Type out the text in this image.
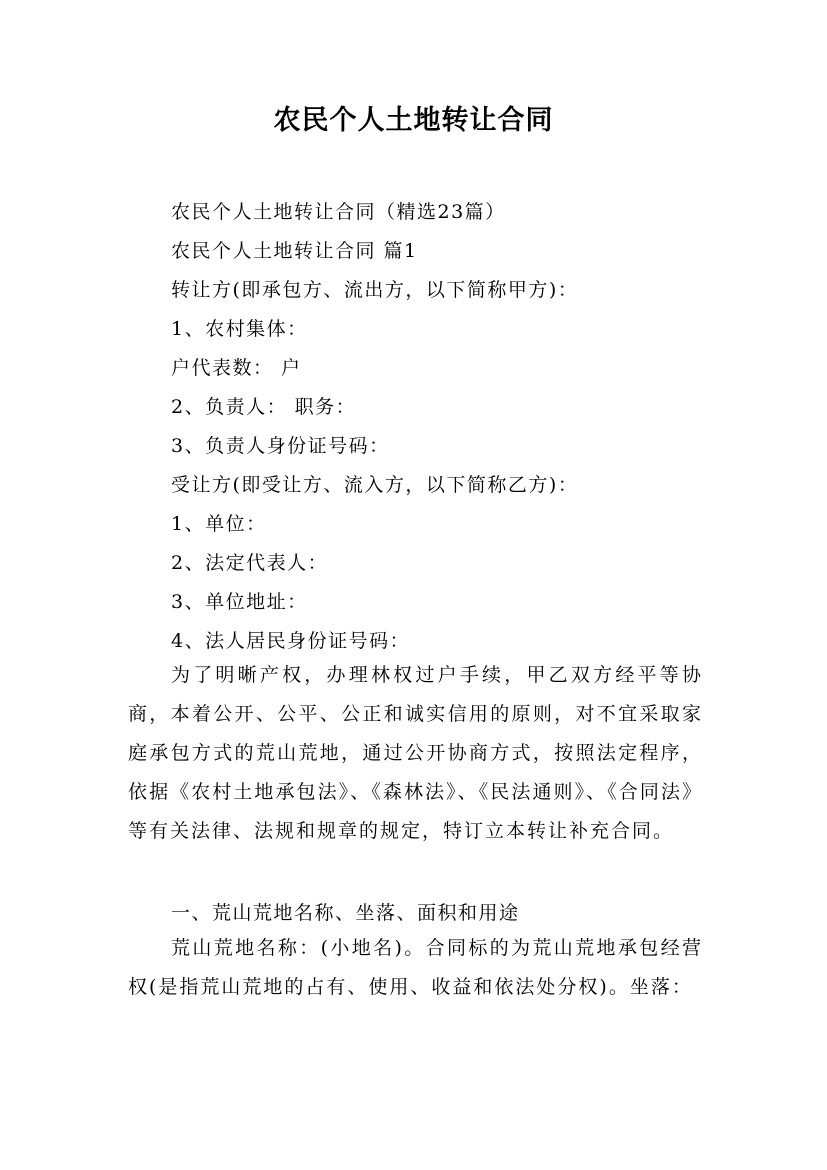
农民个人土地转让合同
农民个人土地转让合同（精选23篇）
农民个人土地转让合同 篇1
转让方(即承包方、流出方，以下简称甲方)：
1、农村集体：
户代表数： 户
2、负责人： 职务：
3、负责人身份证号码：
受让方(即受让方、流入方，以下简称乙方)：
1、单位：
2、法定代表人：
3、单位地址：
4、法人居民身份证号码：
为了明晰产权，办理林权过户手续，甲乙双方经平等协商，本着公开、公平、公正和诚实信用的原则，对不宜采取家庭承包方式的荒山荒地，通过公开协商方式，按照法定程序，依据《农村土地承包法》、《森林法》、《民法通则》、《合同法》等有关法律、法规和规章的规定，特订立本转让补充合同。
一、荒山荒地名称、坐落、面积和用途
荒山荒地名称：(小地名)。合同标的为荒山荒地承包经营权(是指荒山荒地的占有、使用、收益和依法处分权)。坐落：
